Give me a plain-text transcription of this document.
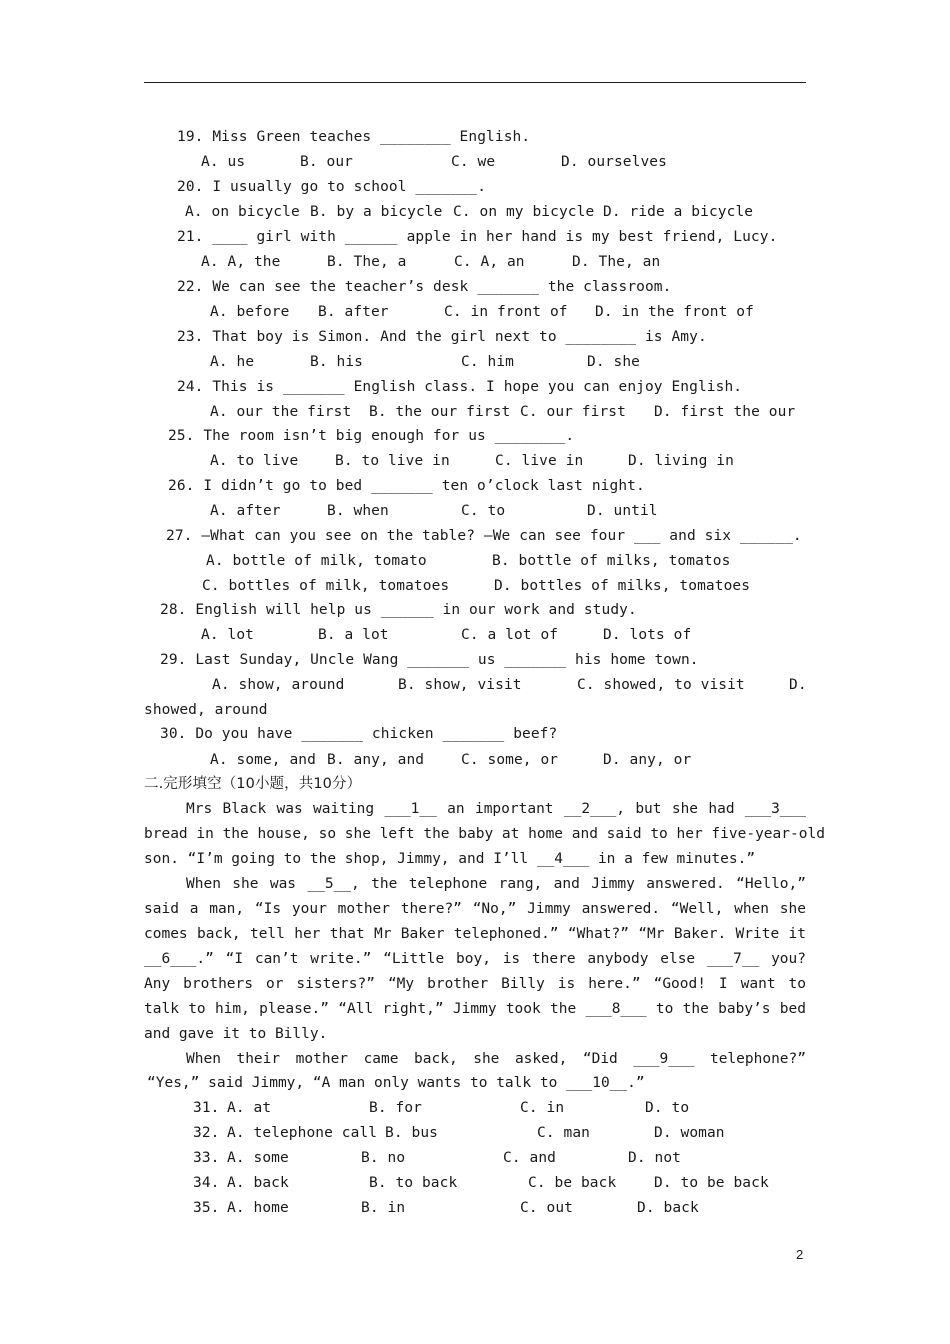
19. Miss Green teaches ________ English.
A. us	B. our	C. we	D. ourselves
20. I usually go to school _______.
A. on bicycle B. by a bicycle C. on my bicycle D. ride a bicycle
21. ____ girl with ______ apple in her hand is my best friend, Lucy.
A. A, the	B. The, a	C. A, an	D. The, an
22. We can see the teacher’s desk _______ the classroom.
A. before B. after	C. in front of D. in the front of
23. That boy is Simon. And the girl next to ________ is Amy.
A. he	B. his	C. him	D. she
24. This is _______ English class. I hope you can enjoy English.
A. our the first B. the our first C. our first D. first the our
25. The room isn’t big enough for us ________.
A. to live	B. to live in	C. live in	D. living in
26. I didn’t go to bed _______ ten o’clock last night.
A. after	B. when	C. to	D. until
27. —What can you see on the table? –We can see four ___ and six ______.
A. bottle of milk, tomato	B. bottle of milks, tomatos
C. bottles of milk, tomatoes	D. bottles of milks, tomatoes
28. English will help us ______ in our work and study.
A. lot	B. a lot	C. a lot of	D. lots of
29. Last Sunday, Uncle Wang _______ us _______ his home town.
A. show, around	B. show, visit	C. showed, to visit	D.
showed, around
30. Do you have _______ chicken _______ beef?
A. some, and B. any, and	C. some, or	D. any, or
二.完形填空（10小题，共10分）
Mrs Black was waiting ___1__ an important __2___, but she had ___3___
bread in the house, so she left the baby at home and said to her five-year-old
son. “I’m going to the shop, Jimmy, and I’ll __4___ in a few minutes.”
When she was __5__, the telephone rang, and Jimmy answered. “Hello,”
said a man, “Is your mother there?” “No,” Jimmy answered. “Well, when she
comes back, tell her that Mr Baker telephoned.” “What?” “Mr Baker. Write it
__6___.” “I can’t write.” “Little boy, is there anybody else ___7__ you?
Any brothers or sisters?” “My brother Billy is here.” “Good! I want to
talk to him, please.” “All right,” Jimmy took the ___8___ to the baby’s bed
and gave it to Billy.
When their mother came back, she asked, “Did ___9___ telephone?”
“Yes,” said Jimmy, “A man only wants to talk to ___10__.”
31. A. at	B. for	C. in	D. to
32. A. telephone call B. bus	C. man	D. woman
33. A. some	B. no	C. and	D. not
34. A. back	B. to back	C. be back	D. to be back
35. A. home	B. in	C. out	D. back
2
